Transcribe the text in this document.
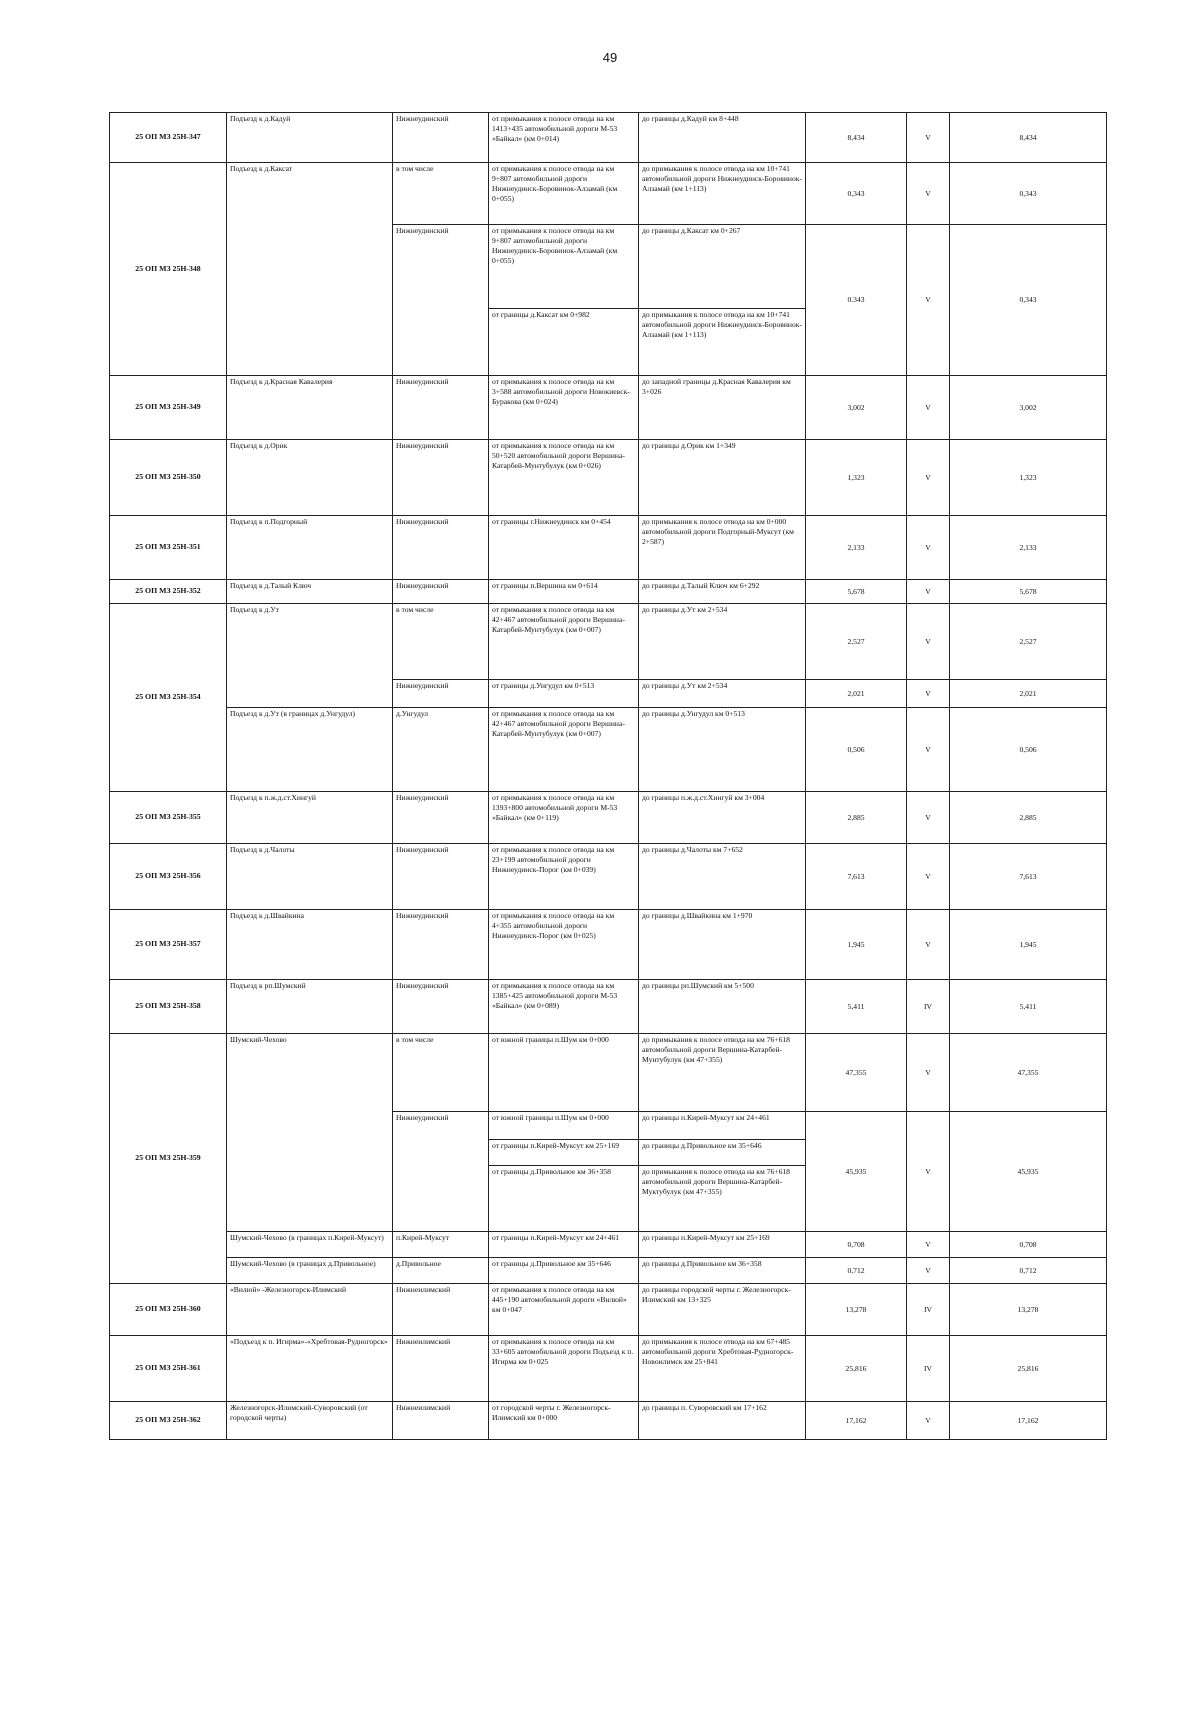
49
25 ОП МЗ 25Н-347	Подъезд к д.Кадуй	Нижнеудинский	от примыкания к полосе отвода на км 1413+435 автомобильной дороги М-53 «Байкал» (км 0+014)	до границы д.Кадуй км 8+448	8,434	V	8,434
25 ОП МЗ 25Н-348	Подъезд к д.Каксат	в том числе	от примыкания к полосе отвода на км 9+807 автомобильной дороги Нижнеудинск-Боровинок-Алзамай (км 0+055)	до примыкания к полосе отвода на км 10+741 автомобильной дороги Нижнеудинск-Боровинок-Алзамай (км 1+113)	0,343	V	0,343
		Нижнеудинский	от примыкания к полосе отвода на км 9+807 автомобильной дороги Нижнеудинск-Боровинок-Алзамай (км 0+055)	до границы д.Каксат км 0+267	0.343	V	0,343
			от границы д.Каксат км 0+982	до примыкания к полосе отвода на км 10+741 автомобильной дороги Нижнеудинск-Боровинок-Алзамай (км 1+113)			
25 ОП МЗ 25Н-349	Подъезд к д.Красная Кавалерия	Нижнеудинский	от примыкания к полосе отвода на км 3+588 автомобильной дороги Новокиевск-Буракова (км 0+024)	до западной границы д.Красная Кавалерия км 3+026	3,002	V	3,002
25 ОП МЗ 25Н-350	Подъезд к д.Орик	Нижнеудинский	от примыкания к полосе отвода на км 50+520 автомобильной дороги Вершина-Катарбей-Мунтубулук (км 0+026)	до границы д.Орик км 1+349	1,323	V	1,323
25 ОП МЗ 25Н-351	Подъезд к п.Подгорный	Нижнеудинский	от границы г.Нижнеудинск км 0+454	до примыкания к полосе отвода на км 0+000 автомобильной дороги Подгорный-Муксут (км 2+587)	2,133	V	2,133
25 ОП МЗ 25Н-352	Подъезд к д.Талый Ключ	Нижнеудинский	от границы п.Вершина км 0+614	до границы д.Талый Ключ км 6+292	5,678	V	5,678
25 ОП МЗ 25Н-354	Подъезд к д.Ут	в том числе	от примыкания к полосе отвода на км 42+467 автомобильной дороги Вершина-Катарбей-Мунтубулук (км 0+007)	до границы д.Ут км 2+534	2,527	V	2,527
		Нижнеудинский	от границы д.Унгудул км 0+513	до границы д.Ут км 2+534	2,021	V	2,021
	Подъезд к д.Ут (в границах д.Унгудул)	д.Унгудул	от примыкания к полосе отвода на км 42+467 автомобильной дороги Вершина-Катарбей-Мунтубулук (км 0+007)	до границы д.Унгудул км 0+513	0,506	V	0,506
25 ОП МЗ 25Н-355	Подъезд к п.ж.д.ст.Хингуй	Нижнеудинский	от примыкания к полосе отвода на км 1393+800 автомобильной дороги М-53 «Байкал» (км 0+119)	до границы п.ж.д.ст.Хингуй км 3+004	2,885	V	2,885
25 ОП МЗ 25Н-356	Подъезд к д.Чалоты	Нижнеудинский	от примыкания к полосе отвода на км 23+199 автомобильной дороги Нижнеудинск-Порог (км 0+039)	до границы д.Чалоты км 7+652	7,613	V	7,613
25 ОП МЗ 25Н-357	Подъезд к д.Швайкина	Нижнеудинский	от примыкания к полосе отвода на км 4+355 автомобильной дороги Нижнеудинск-Порог (км 0+025)	до границы д.Швайкина км 1+970	1,945	V	1,945
25 ОП МЗ 25Н-358	Подъезд к рп.Шумский	Нижнеудинский	от примыкания к полосе отвода на км 1385+425 автомобильной дороги М-53 «Байкал» (км 0+089)	до границы рп.Шумский км 5+500	5,411	IV	5,411
25 ОП МЗ 25Н-359	Шумский-Чехово	в том числе	от южной границы п.Шум км 0+000	до примыкания к полосе отвода на км 76+618 автомобильной дороги Вершина-Катарбей-Мунтубулук (км 47+355)	47,355	V	47,355
		Нижнеудинский	от южной границы п.Шум км 0+000	до границы п.Кирей-Муксут км 24+461	45,935	V	45,935
			от границы п.Кирей-Муксут км 25+169	до границы д.Привольное км 35+646			
			от границы д.Привольное км 36+358	до примыкания к полосе отвода на км 76+618 автомобильной дороги Вершина-Катарбей-Муктубулук (км 47+355)			
	Шумский-Чехово (в границах п.Кирей-Муксут)	п.Кирей-Муксут	от границы п.Кирей-Муксут км 24+461	до границы п.Кирей-Муксут км 25+169	0,708	V	0,708
	Шумский-Чехово (в границах д.Привольное)	д.Привольное	от границы д.Привольное км 35+646	до границы д.Привольное км 36+358	0,712	V	0,712
25 ОП МЗ 25Н-360	«Вилюй» -Железногорск-Илимский	Нижнеилимский	от примыкания к полосе отвода на км 445+190 автомобильной дороги «Вилюй» км 0+047	до границы городской черты г. Железногорск-Илимский км 13+325	13,278	IV	13,278
25 ОП МЗ 25Н-361	«Подъезд к п. Игирма»-«Хребтовая-Рудногорск»	Нижнеилимский	от примыкания к полосе отвода на км 33+605 автомобильной дороги Подъезд к п. Игирма км 0+025	до примыкания к полосе отвода на км 67+485 автомобильной дороги Хребтовая-Рудногорск-Новоилимск км 25+841	25,816	IV	25,816
25 ОП МЗ 25Н-362	Железногорск-Илимский-Суворовский (от городской черты)	Нижнеилимский	от городской черты г. Железногорск-Илимский км 0+000	до границы п. Суворовский км 17+162	17,162	V	17,162
